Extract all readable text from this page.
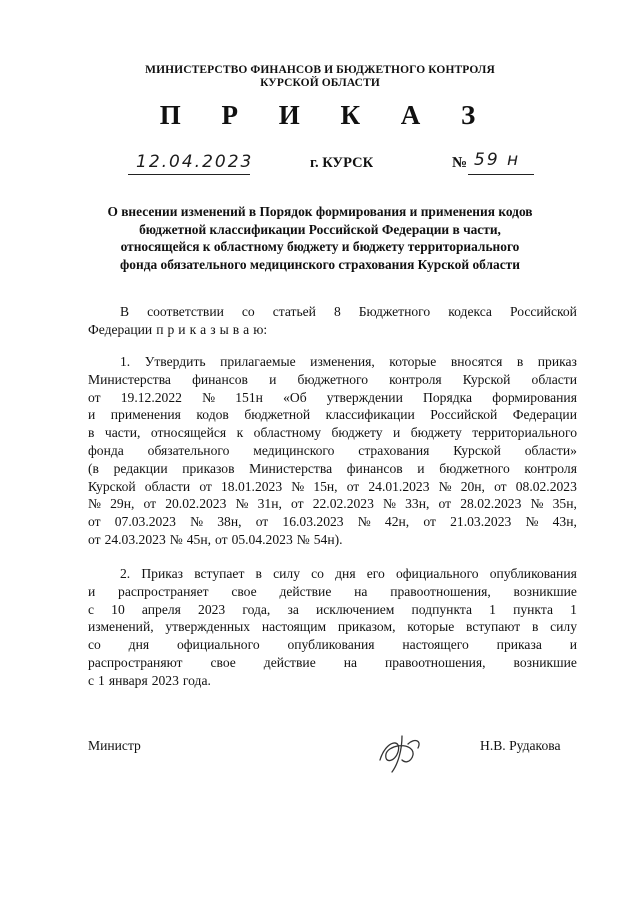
МИНИСТЕРСТВО ФИНАНСОВ И БЮДЖЕТНОГО КОНТРОЛЯ
КУРСКОЙ ОБЛАСТИ
П Р И К А З
12.04.2023	г. КУРСК	№ 59 н
О внесении изменений в Порядок формирования и применения кодов
бюджетной классификации Российской Федерации в части,
относящейся к областному бюджету и бюджету территориального
фонда обязательного медицинского страхования Курской области
В соответствии со статьей 8 Бюджетного кодекса Российской
Федерации п р и к а з ы в а ю:
1. Утвердить прилагаемые изменения, которые вносятся в приказ
Министерства финансов и бюджетного контроля Курской области
от 19.12.2022 № 151н «Об утверждении Порядка формирования
и применения кодов бюджетной классификации Российской Федерации
в части, относящейся к областному бюджету и бюджету территориального
фонда обязательного медицинского страхования Курской области»
(в редакции приказов Министерства финансов и бюджетного контроля
Курской области от 18.01.2023 № 15н, от 24.01.2023 № 20н, от 08.02.2023
№ 29н, от 20.02.2023 № 31н, от 22.02.2023 № 33н, от 28.02.2023 № 35н,
от 07.03.2023 № 38н, от 16.03.2023 № 42н, от 21.03.2023 № 43н,
от 24.03.2023 № 45н, от 05.04.2023 № 54н).
2. Приказ вступает в силу со дня его официального опубликования
и распространяет свое действие на правоотношения, возникшие
с 10 апреля 2023 года, за исключением подпункта 1 пункта 1
изменений, утвержденных настоящим приказом, которые вступают в силу
со дня официального опубликования настоящего приказа и
распространяют свое действие на правоотношения, возникшие
с 1 января 2023 года.
Министр	Н.В. Рудакова
